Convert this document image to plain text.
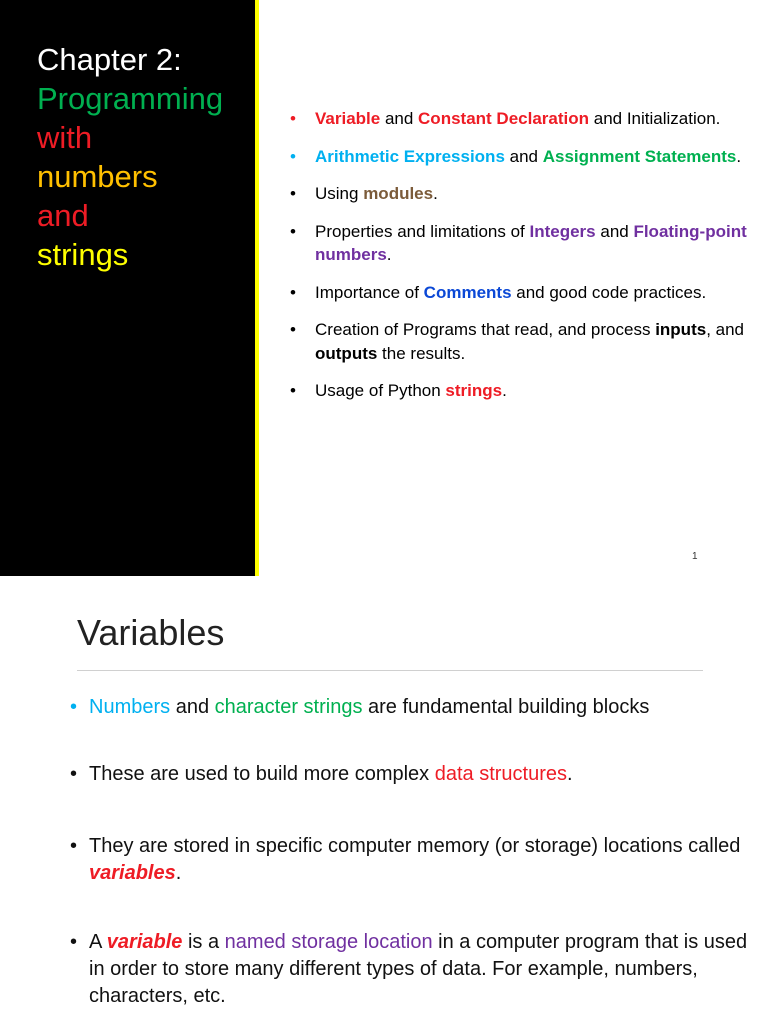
Chapter 2:
Programming
with
numbers
and
strings
• Variable and Constant Declaration and Initialization.
• Arithmetic Expressions and Assignment Statements.
• Using modules.
• Properties and limitations of Integers and Floating-point numbers.
• Importance of Comments and good code practices.
• Creation of Programs that read, and process inputs, and outputs the results.
• Usage of Python strings.
1
Variables
• Numbers and character strings are fundamental building blocks
• These are used to build more complex data structures.
• They are stored in specific computer memory (or storage) locations called variables.
• A variable is a named storage location in a computer program that is used in order to store many different types of data. For example, numbers, characters, etc.
